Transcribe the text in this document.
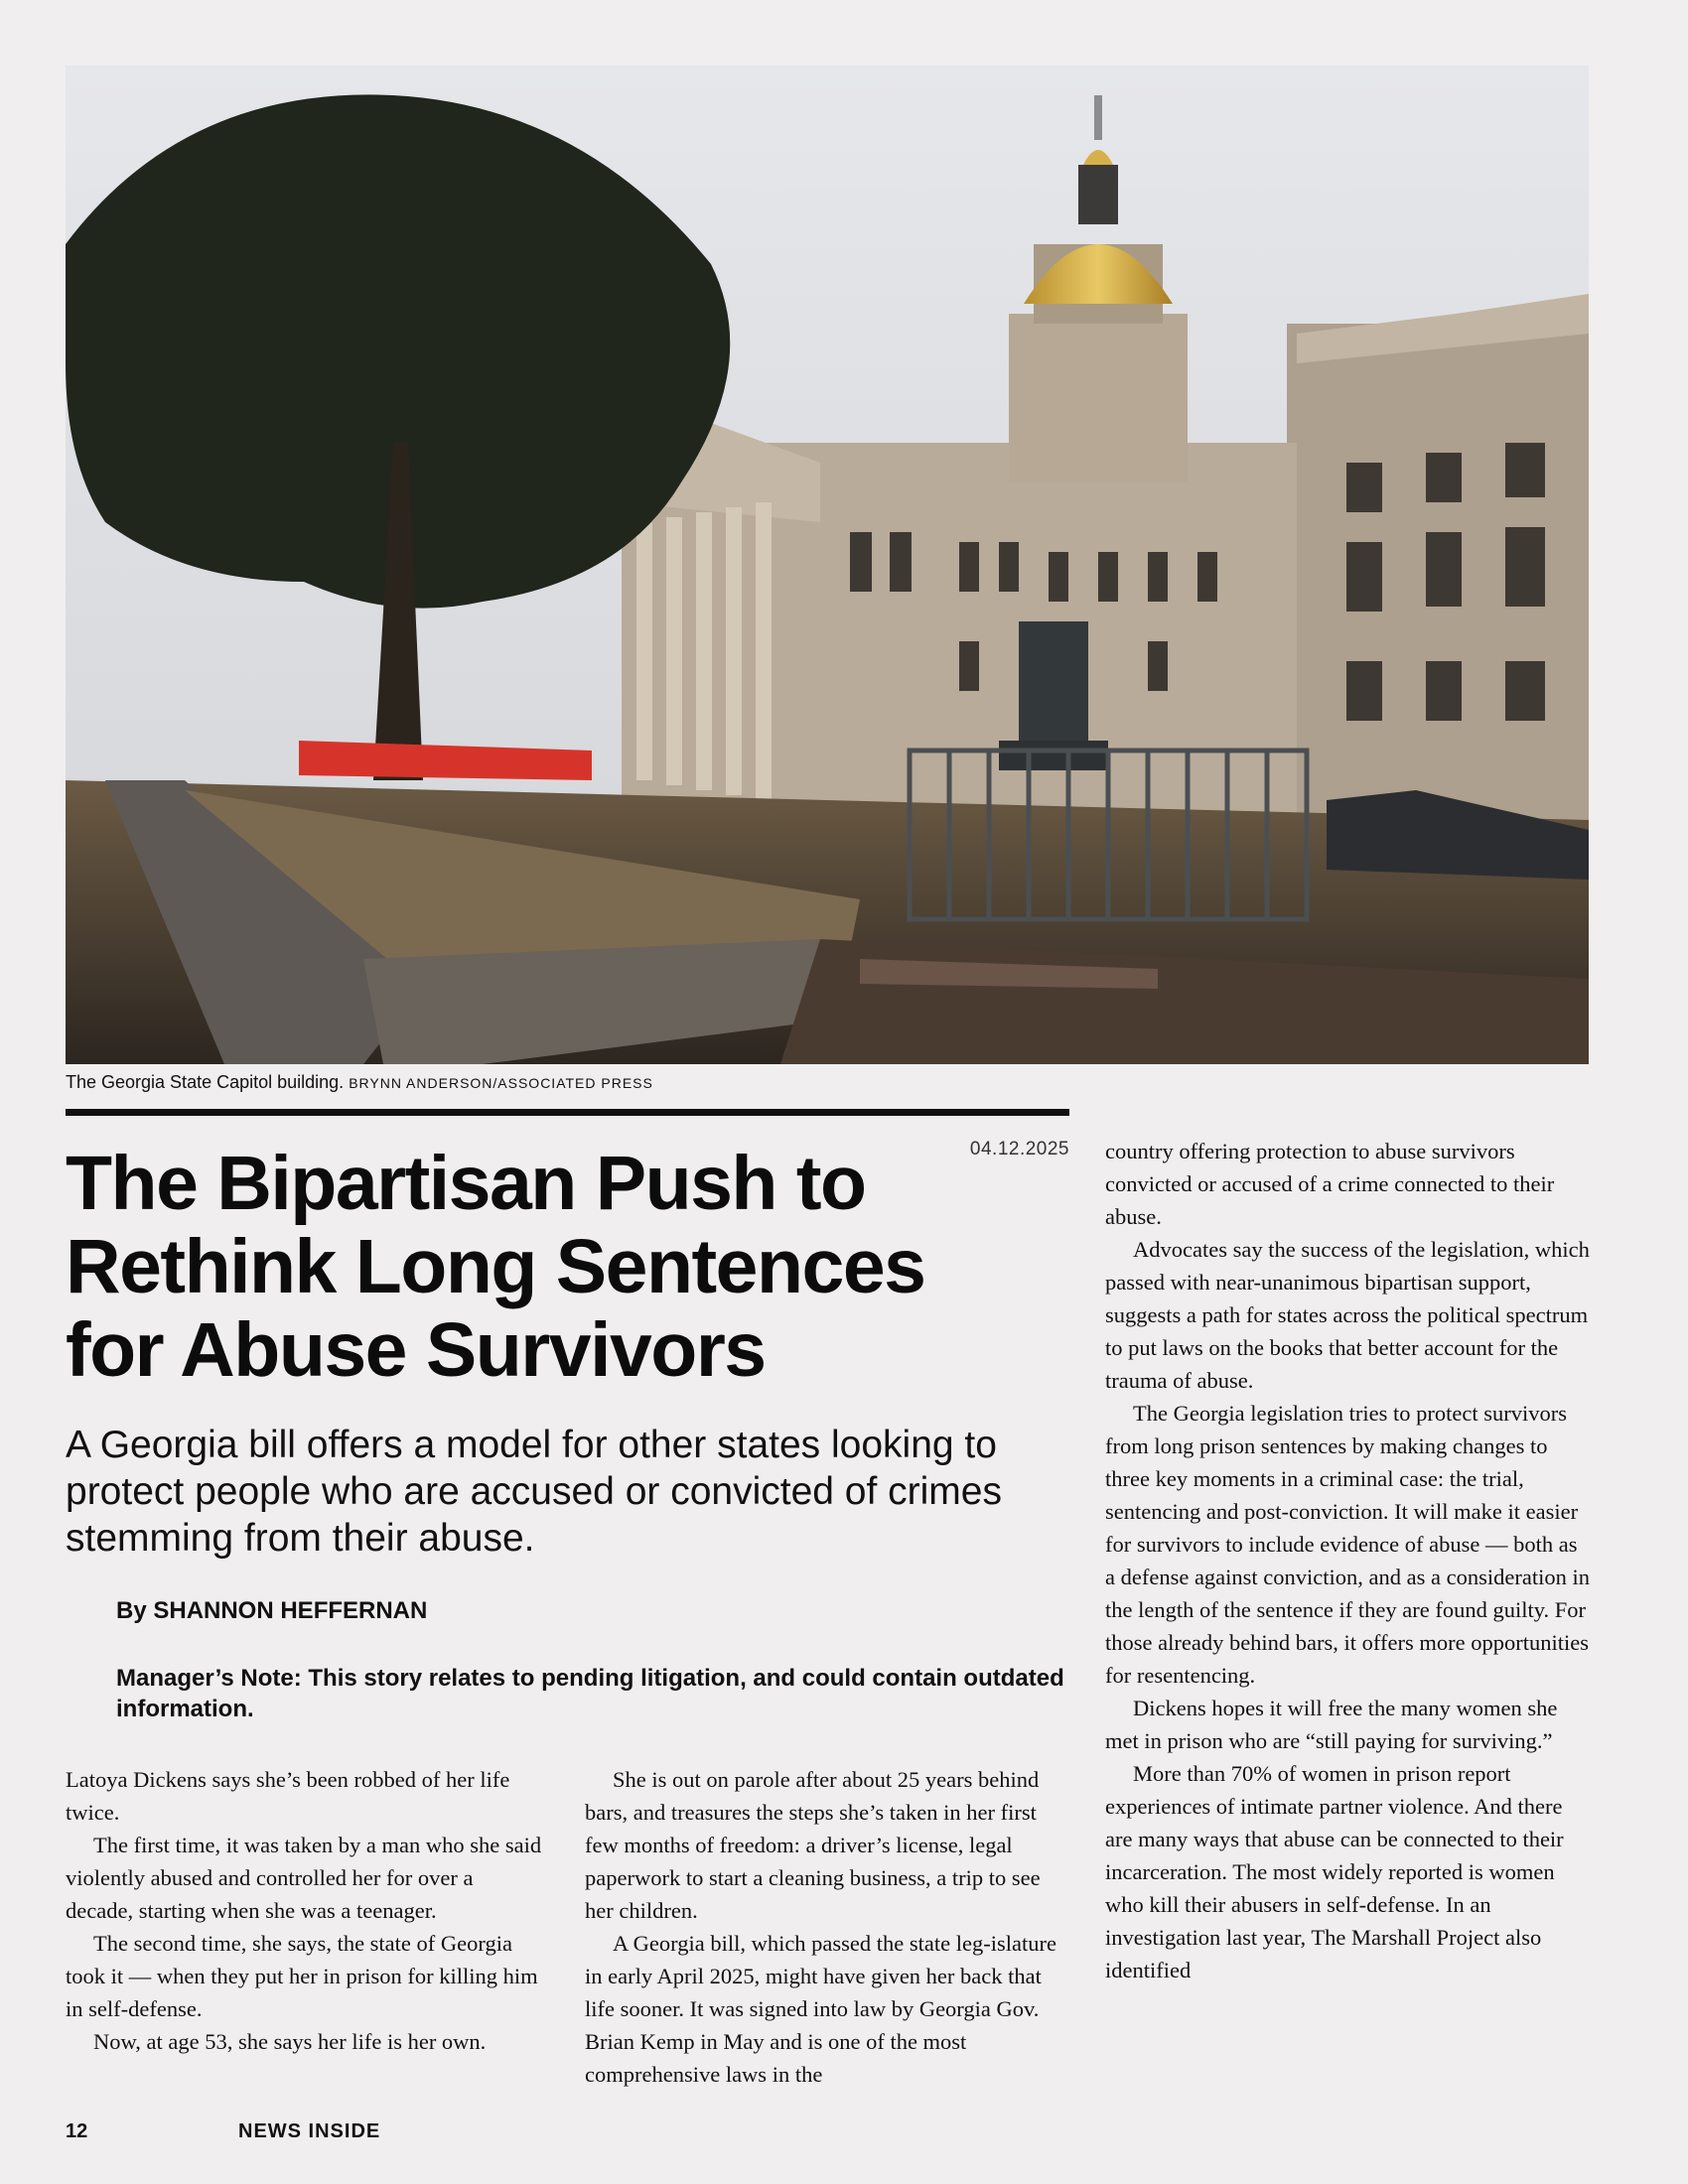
The Georgia State Capitol building. BRYNN ANDERSON/ASSOCIATED PRESS
04.12.2025
The Bipartisan Push to Rethink Long Sentences for Abuse Survivors

A Georgia bill offers a model for other states looking to protect people who are accused or convicted of crimes stemming from their abuse.

By SHANNON HEFFERNAN
Manager’s Note: This story relates to pending litigation, and could contain outdated information.

Latoya Dickens says she’s been robbed of her life twice.

The first time, it was taken by a man who she said violently abused and controlled her for over a decade, starting when she was a teenager.

The second time, she says, the state of Georgia took it — when they put her in prison for killing him in self-defense.

Now, at age 53, she says her life is her own.

She is out on parole after about 25 years behind bars, and treasures the steps she’s taken in her first few months of freedom: a driver’s license, legal paperwork to start a cleaning business, a trip to see her children.

A Georgia bill, which passed the state leg-islature in early April 2025, might have given her back that life sooner. It was signed into law by Georgia Gov. Brian Kemp in May and is one of the most comprehensive laws in the

country offering protection to abuse survivors convicted or accused of a crime connected to their abuse.

Advocates say the success of the legislation, which passed with near-unanimous bipartisan support, suggests a path for states across the political spectrum to put laws on the books that better account for the trauma of abuse.

The Georgia legislation tries to protect survivors from long prison sentences by making changes to three key moments in a criminal case: the trial, sentencing and post-conviction. It will make it easier for survivors to include evidence of abuse — both as a defense against conviction, and as a consideration in the length of the sentence if they are found guilty. For those already behind bars, it offers more opportunities for resentencing.

Dickens hopes it will free the many women she met in prison who are “still paying for surviving.”

More than 70% of women in prison report experiences of intimate partner violence. And there are many ways that abuse can be connected to their incarceration. The most widely reported is women who kill their abusers in self-defense. In an investigation last year, The Marshall Project also identified

12	NEWS INSIDE
